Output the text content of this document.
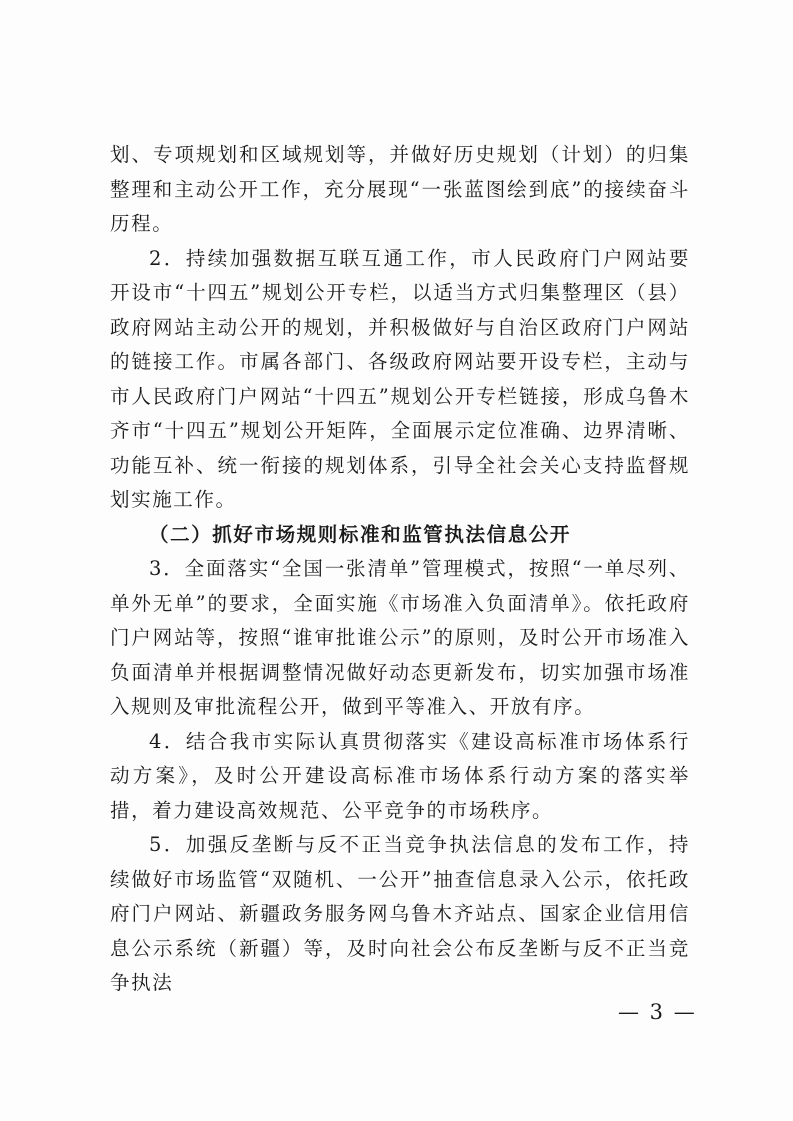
划、专项规划和区域规划等，并做好历史规划（计划）的归集整理和主动公开工作，充分展现“一张蓝图绘到底”的接续奋斗历程。

2．持续加强数据互联互通工作，市人民政府门户网站要开设市“十四五”规划公开专栏，以适当方式归集整理区（县）政府网站主动公开的规划，并积极做好与自治区政府门户网站的链接工作。市属各部门、各级政府网站要开设专栏，主动与市人民政府门户网站“十四五”规划公开专栏链接，形成乌鲁木齐市“十四五”规划公开矩阵，全面展示定位准确、边界清晰、功能互补、统一衔接的规划体系，引导全社会关心支持监督规划实施工作。

（二）抓好市场规则标准和监管执法信息公开

3．全面落实“全国一张清单”管理模式，按照“一单尽列、单外无单”的要求，全面实施《市场准入负面清单》。依托政府门户网站等，按照“谁审批谁公示”的原则，及时公开市场准入负面清单并根据调整情况做好动态更新发布，切实加强市场准入规则及审批流程公开，做到平等准入、开放有序。

4．结合我市实际认真贯彻落实《建设高标准市场体系行动方案》，及时公开建设高标准市场体系行动方案的落实举措，着力建设高效规范、公平竞争的市场秩序。

5．加强反垄断与反不正当竞争执法信息的发布工作，持续做好市场监管“双随机、一公开”抽查信息录入公示，依托政府门户网站、新疆政务服务网乌鲁木齐站点、国家企业信用信息公示系统（新疆）等，及时向社会公布反垄断与反不正当竞争执法

— 3 —
